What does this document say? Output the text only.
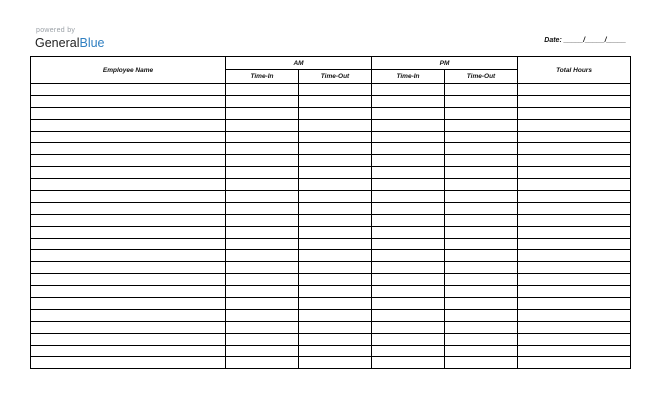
powered by
GeneralBlue	Date: _____/_____/_____
Employee Name	AM		PM		Total Hours
	Time-In	Time-Out	Time-In	Time-Out	
